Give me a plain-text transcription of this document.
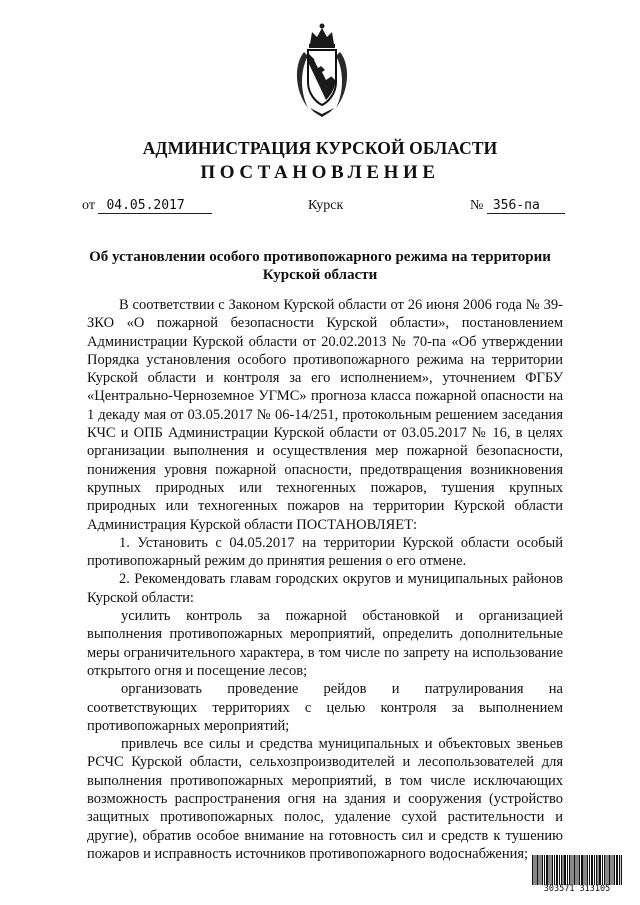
АДМИНИСТРАЦИЯ КУРСКОЙ ОБЛАСТИ
ПОСТАНОВЛЕНИЕ
от 04.05.2017	Курск	№ 356-па
Об установлении особого противопожарного режима на территории Курской области

В соответствии с Законом Курской области от 26 июня 2006 года № 39-ЗКО «О пожарной безопасности Курской области», постановлением Администрации Курской области от 20.02.2013 № 70-па «Об утверждении Порядка установления особого противопожарного режима на территории Курской области и контроля за его исполнением», уточнением ФГБУ «Центрально-Черноземное УГМС» прогноза класса пожарной опасности на 1 декаду мая от 03.05.2017 № 06-14/251, протокольным решением заседания КЧС и ОПБ Администрации Курской области от 03.05.2017 № 16, в целях организации выполнения и осуществления мер пожарной безопасности, понижения уровня пожарной опасности, предотвращения возникновения крупных природных или техногенных пожаров, тушения крупных природных или техногенных пожаров на территории Курской области Администрация Курской области ПОСТАНОВЛЯЕТ:

1. Установить с 04.05.2017 на территории Курской области особый противопожарный режим до принятия решения о его отмене.

2. Рекомендовать главам городских округов и муниципальных районов Курской области:

усилить контроль за пожарной обстановкой и организацией выполнения противопожарных мероприятий, определить дополнительные меры ограничительного характера, в том числе по запрету на использование открытого огня и посещение лесов;

организовать проведение рейдов и патрулирования на соответствующих территориях с целью контроля за выполнением противопожарных мероприятий;

привлечь все силы и средства муниципальных и объектовых звеньев РСЧС Курской области, сельхозпроизводителей и лесопользователей для выполнения противопожарных мероприятий, в том числе исключающих возможность распространения огня на здания и сооружения (устройство защитных противопожарных полос, удаление сухой растительности и другие), обратив особое внимание на готовность сил и средств к тушению пожаров и исправность источников противопожарного водоснабжения;

303571 313105
